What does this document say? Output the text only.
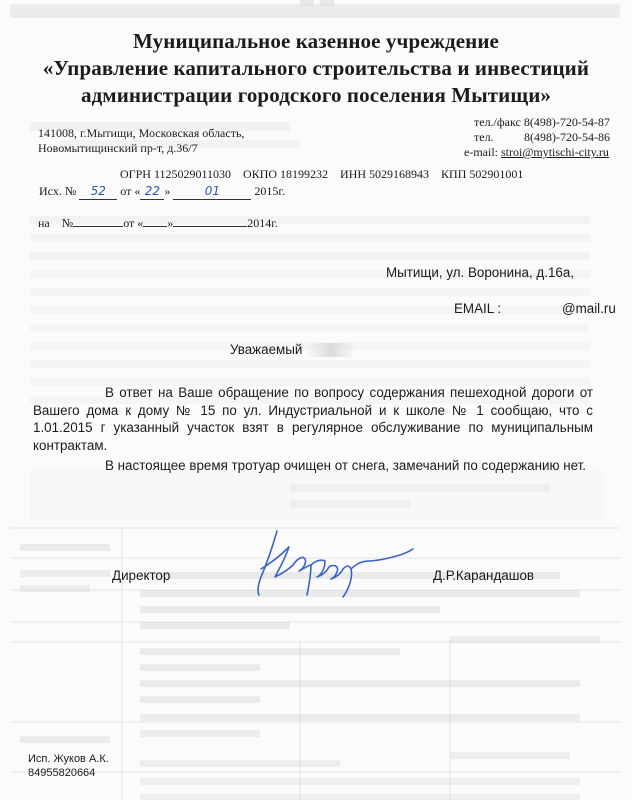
Муниципальное казенное учреждение
«Управление капитального строительства и инвестиций
администрации городского поселения Мытищи»
141008, г.Мытищи, Московская область,
Новомытищинский пр-т, д.36/7
тел./факс 8(498)-720-54-87
тел.	8(498)-720-54-86
e-mail: stroi@mytischi-city.ru
ОГРН 1125029011030    ОКПО 18199232    ИНН 5029168943    КПП 502901001
Исх. № 52 от « 22 »	01	2015г.

на    №	от « »	2014г.

Мытищи, ул. Воронина, д.16а,
EMAIL :	@mail.ru
Уважаемый
В ответ на Ваше обращение по вопросу содержания пешеходной дороги от Вашего дома к дому № 15 по ул. Индустриальной и к школе № 1 сообщаю, что с 1.01.2015 г указанный участок взят в регулярное обслуживание по муниципальным контрактам.
В настоящее время тротуар очищен от снега, замечаний по содержанию нет.
Директор	Д.Р.Карандашов
Исп. Жуков А.К.
84955820664
